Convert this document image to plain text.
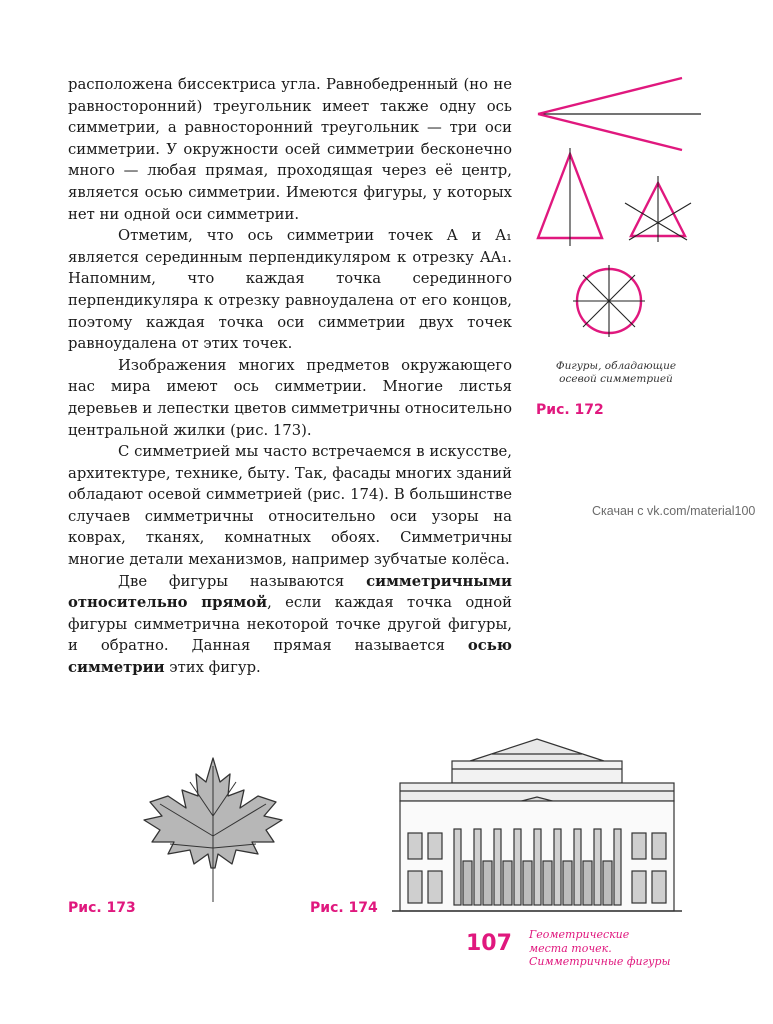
расположена биссектриса угла. Равнобедренный (но не равносторонний) треугольник имеет также одну ось симметрии, а равносторонний треугольник — три оси симметрии. У окружности осей симметрии бесконечно много — любая прямая, проходящая через её центр, является осью симметрии. Имеются фигуры, у которых нет ни одной оси симметрии.

Отметим, что ось симметрии точек A и A₁ является серединным перпендикуляром к отрезку AA₁. Напомним, что каждая точка серединного перпендикуляра к отрезку равноудалена от его концов, поэтому каждая точка оси симметрии двух точек равноудалена от этих точек.

Изображения многих предметов окружающего нас мира имеют ось симметрии. Многие листья деревьев и лепестки цветов симметричны относительно центральной жилки (рис. 173).

С симметрией мы часто встречаемся в искусстве, архитектуре, технике, быту. Так, фасады многих зданий обладают осевой симметрией (рис. 174). В большинстве случаев симметричны относительно оси узоры на коврах, тканях, комнатных обоях. Симметричны многие детали механизмов, например зубчатые колёса.

Две фигуры называются симметричными относительно прямой, если каждая точка одной фигуры симметрична некоторой точке другой фигуры, и обратно. Данная прямая называется осью симметрии этих фигур.

Фигуры, обладающие
осевой симметрией
Рис. 172
Скачан с vk.com/material100
Рис. 173	Рис. 174
107 Геометрические
места точек.
Симметричные фигуры
